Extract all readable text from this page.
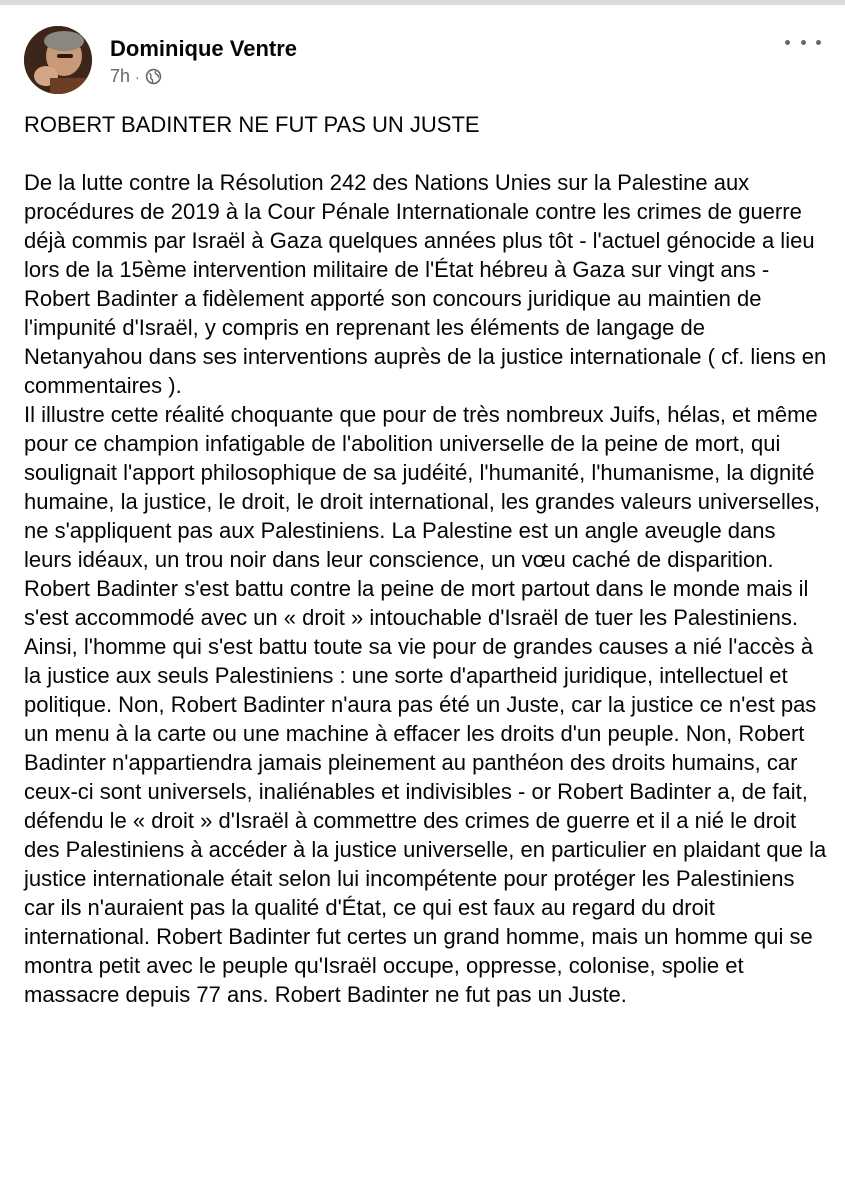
Dominique Ventre
7h ·

ROBERT BADINTER NE FUT PAS UN JUSTE

De la lutte contre la Résolution 242 des Nations Unies sur la Palestine aux procédures de 2019 à la Cour Pénale Internationale contre les crimes de guerre déjà commis par Israël à Gaza quelques années plus tôt - l'actuel génocide a lieu lors de la 15ème intervention militaire de l'État hébreu à Gaza sur vingt ans - Robert Badinter a fidèlement apporté son concours juridique au maintien de l'impunité d'Israël, y compris en reprenant les éléments de langage de Netanyahou dans ses interventions auprès de la justice internationale ( cf. liens en commentaires ).

Il illustre cette réalité choquante que pour de très nombreux Juifs, hélas, et même pour ce champion infatigable de l'abolition universelle de la peine de mort, qui soulignait l'apport philosophique de sa judéité, l'humanité, l'humanisme, la dignité humaine, la justice, le droit, le droit international, les grandes valeurs universelles, ne s'appliquent pas aux Palestiniens. La Palestine est un angle aveugle dans leurs idéaux, un trou noir dans leur conscience, un vœu caché de disparition. Robert Badinter s'est battu contre la peine de mort partout dans le monde mais il s'est accommodé avec un « droit » intouchable d'Israël de tuer les Palestiniens. Ainsi, l'homme qui s'est battu toute sa vie pour de grandes causes a nié l'accès à la justice aux seuls Palestiniens : une sorte d'apartheid juridique, intellectuel et politique. Non, Robert Badinter n'aura pas été un Juste, car la justice ce n'est pas un menu à la carte ou une machine à effacer les droits d'un peuple. Non, Robert Badinter n'appartiendra jamais pleinement au panthéon des droits humains, car ceux-ci sont universels, inaliénables et indivisibles - or Robert Badinter a, de fait, défendu le « droit » d'Israël à commettre des crimes de guerre et il a nié le droit des Palestiniens à accéder à la justice universelle, en particulier en plaidant que la justice internationale était selon lui incompétente pour protéger les Palestiniens car ils n'auraient pas la qualité d'État, ce qui est faux au regard du droit international. Robert Badinter fut certes un grand homme, mais un homme qui se montra petit avec le peuple qu'Israël occupe, oppresse, colonise, spolie et massacre depuis 77 ans. Robert Badinter ne fut pas un Juste.
